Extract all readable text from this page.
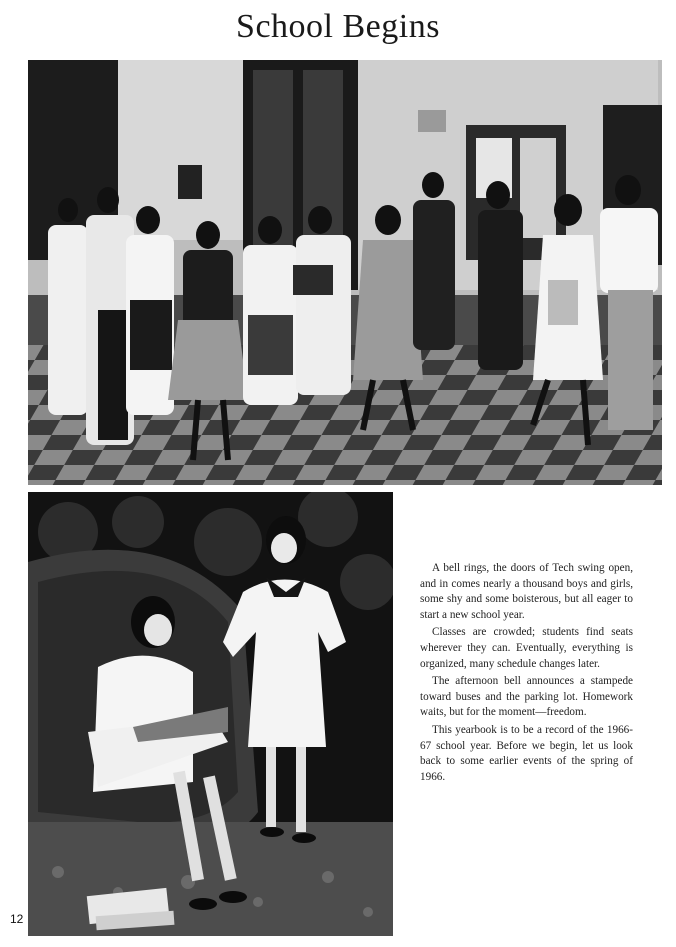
School Begins

A bell rings, the doors of Tech swing open, and in comes nearly a thousand boys and girls, some shy and some boisterous, but all eager to start a new school year.

Classes are crowded; students find seats wherever they can. Eventually, everything is organized, many schedule changes later.

The afternoon bell announces a stampede toward buses and the parking lot. Homework waits, but for the moment—freedom.

This yearbook is to be a record of the 1966-67 school year. Before we begin, let us look back to some earlier events of the spring of 1966.

12
